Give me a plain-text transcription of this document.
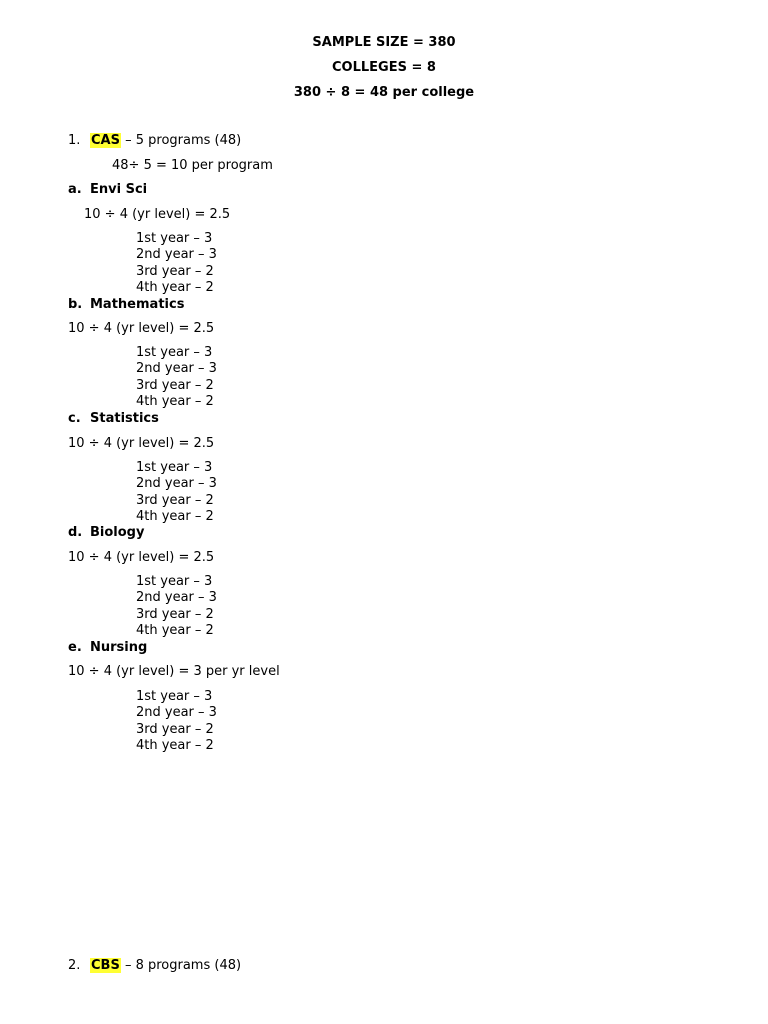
SAMPLE SIZE = 380
COLLEGES = 8
380 ÷ 8 = 48 per college
1. CAS – 5 programs (48)
48÷ 5 = 10 per program
a. Envi Sci
10 ÷ 4 (yr level) = 2.5
1st year – 3
2nd year – 3
3rd year – 2
4th year – 2
b. Mathematics
10 ÷ 4 (yr level) = 2.5
1st year – 3
2nd year – 3
3rd year – 2
4th year – 2
c. Statistics
10 ÷ 4 (yr level) = 2.5
1st year – 3
2nd year – 3
3rd year – 2
4th year – 2
d. Biology
10 ÷ 4 (yr level) = 2.5
1st year – 3
2nd year – 3
3rd year – 2
4th year – 2
e. Nursing
10 ÷ 4 (yr level) = 3 per yr level
1st year – 3
2nd year – 3
3rd year – 2
4th year – 2
2. CBS – 8 programs (48)
